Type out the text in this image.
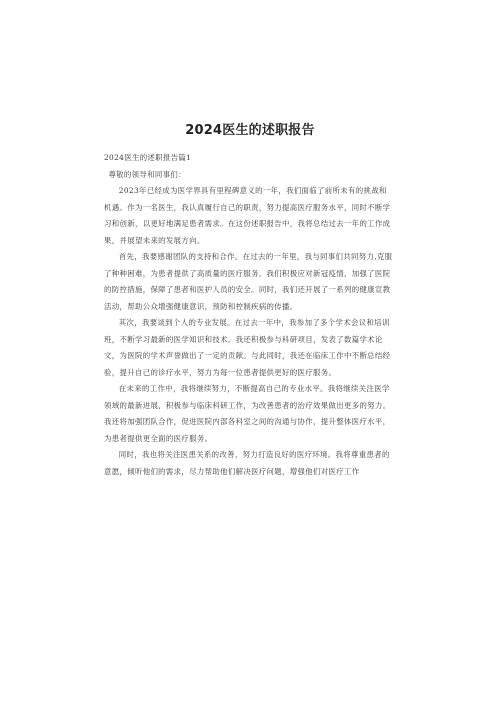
2024医生的述职报告

2024医生的述职报告篇1

尊敬的领导和同事们：

2023年已经成为医学界具有里程碑意义的一年，我们面临了前所未有的挑战和机遇。作为一名医生，我认真履行自己的职责，努力提高医疗服务水平，同时不断学习和创新，以更好地满足患者需求。在这份述职报告中，我将总结过去一年的工作成果，并展望未来的发展方向。

首先，我要感谢团队的支持和合作。在过去的一年里，我与同事们共同努力,克服了种种困难，为患者提供了高质量的医疗服务。我们积极应对新冠疫情，加强了医院的防控措施，保障了患者和医护人员的安全。同时，我们还开展了一系列的健康宣教活动，帮助公众增强健康意识，预防和控制疾病的传播。

其次，我要谈到个人的专业发展。在过去一年中，我参加了多个学术会议和培训班，不断学习最新的医学知识和技术。我还积极参与科研项目，发表了数篇学术论文，为医院的学术声誉做出了一定的贡献。与此同时，我还在临床工作中不断总结经验，提升自己的诊疗水平，努力为每一位患者提供更好的医疗服务。

在未来的工作中，我将继续努力，不断提高自己的专业水平。我将继续关注医学领域的最新进展，积极参与临床科研工作，为改善患者的治疗效果做出更多的努力。我还将加强团队合作，促进医院内部各科室之间的沟通与协作，提升整体医疗水平，为患者提供更全面的医疗服务。

同时，我也将关注医患关系的改善，努力打造良好的医疗环境。我将尊重患者的意愿，倾听他们的需求，尽力帮助他们解决医疗问题，增强他们对医疗工作
